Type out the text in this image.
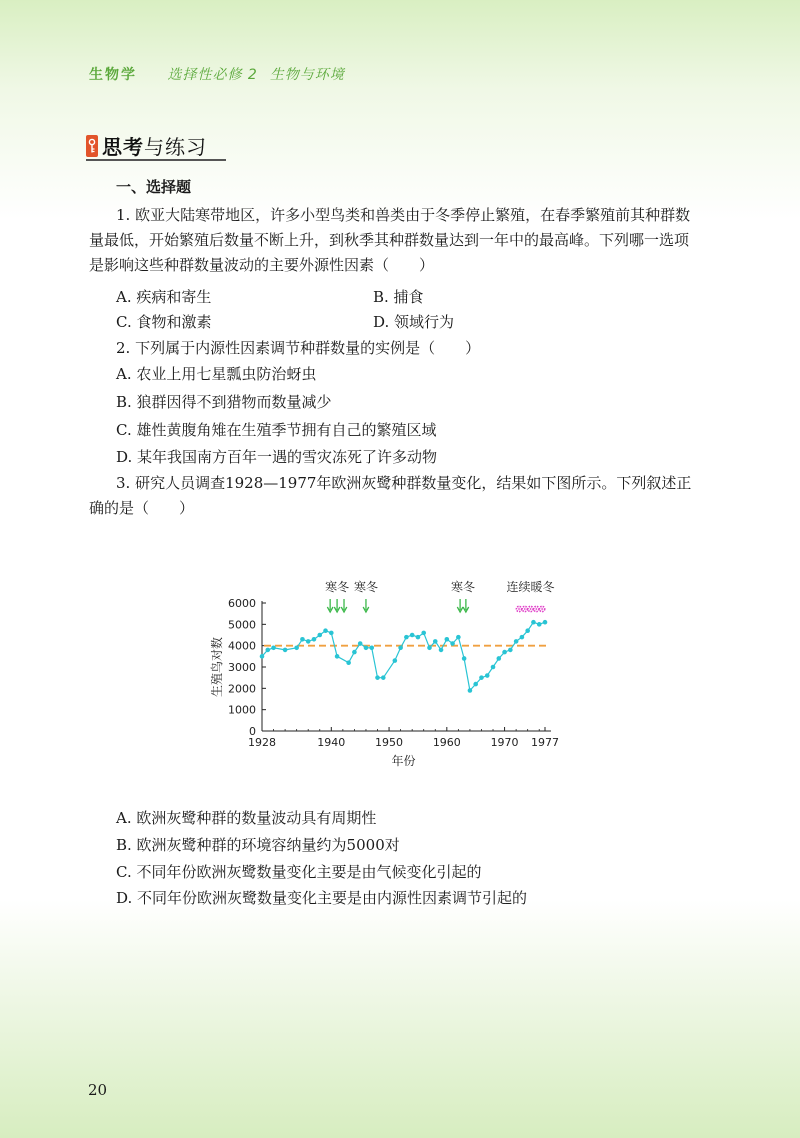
生物学 选择性必修 2 生物与环境
思考与练习
一、选择题

1. 欧亚大陆寒带地区，许多小型鸟类和兽类由于冬季停止繁殖，在春季繁殖前其种群数量最低，开始繁殖后数量不断上升，到秋季其种群数量达到一年中的最高峰。下列哪一选项是影响这些种群数量波动的主要外源性因素（　　）

A. 疾病和寄生	B. 捕食
C. 食物和激素	D. 领域行为

2. 下列属于内源性因素调节种群数量的实例是（　　）

A. 农业上用七星瓢虫防治蚜虫
B. 狼群因得不到猎物而数量减少
C. 雄性黄腹角雉在生殖季节拥有自己的繁殖区域
D. 某年我国南方百年一遇的雪灾冻死了许多动物

3. 研究人员调查1928—1977年欧洲灰鹭种群数量变化，结果如下图所示。下列叙述正确的是（　　）

0
1000
2000
3000
4000
5000
6000
1928	1940	1950	1960	1970 1977
年份
生殖鸟对数
寒冬 寒冬	寒冬	连续暖冬
A. 欧洲灰鹭种群的数量波动具有周期性
B. 欧洲灰鹭种群的环境容纳量约为5000对
C. 不同年份欧洲灰鹭数量变化主要是由气候变化引起的
D. 不同年份欧洲灰鹭数量变化主要是由内源性因素调节引起的
20
